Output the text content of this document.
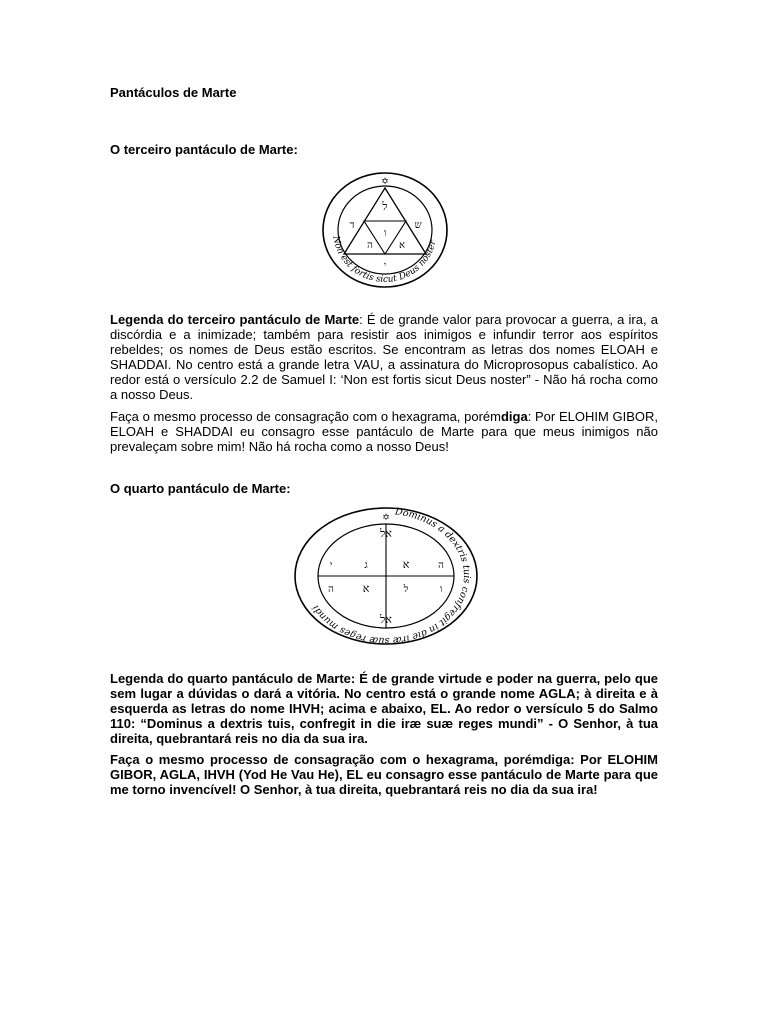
Pantáculos de Marte

O terceiro pantáculo de Marte:

✡
ל
ד	ש
ה
ו
א
י
Non est fortis sicut Deus noster

Legenda do terceiro pantáculo de Marte: É de grande valor para provocar a guerra, a ira, a discórdia e a inimizade; também para resistir aos inimigos e infundir terror aos espíritos rebeldes; os nomes de Deus estão escritos. Se encontram as letras dos nomes ELOAH e SHADDAI. No centro está a grande letra VAU, a assinatura do Microprosopus cabalístico. Ao redor está o versículo 2.2 de Samuel I: ‘Non est fortis sicut Deus noster” - Não há rocha como a nosso Deus.

Faça o mesmo processo de consagração com o hexagrama, porémdiga: Por ELOHIM GIBOR, ELOAH e SHADDAI eu consagro esse pantáculo de Marte para que meus inimigos não prevaleçam sobre mim! Não há rocha como a nosso Deus!

O quarto pantáculo de Marte:

✡
אל
אל
א
ג
ל
א
י
ה
ה
ו
Dominus a dextris tuis confregit in die iræ suæ reges mundi

Legenda do quarto pantáculo de Marte: É de grande virtude e poder na guerra, pelo que sem lugar a dúvidas o dará a vitória. No centro está o grande nome AGLA; à direita e à esquerda as letras do nome IHVH; acima e abaixo, EL. Ao redor o versículo 5 do Salmo 110: “Dominus a dextris tuis, confregit in die iræ suæ reges mundi” - O Senhor, à tua direita, quebrantará reis no dia da sua ira.

Faça o mesmo processo de consagração com o hexagrama, porémdiga: Por ELOHIM GIBOR, AGLA, IHVH (Yod He Vau He), EL eu consagro esse pantáculo de Marte para que me torno invencível! O Senhor, à tua direita, quebrantará reis no dia da sua ira!
